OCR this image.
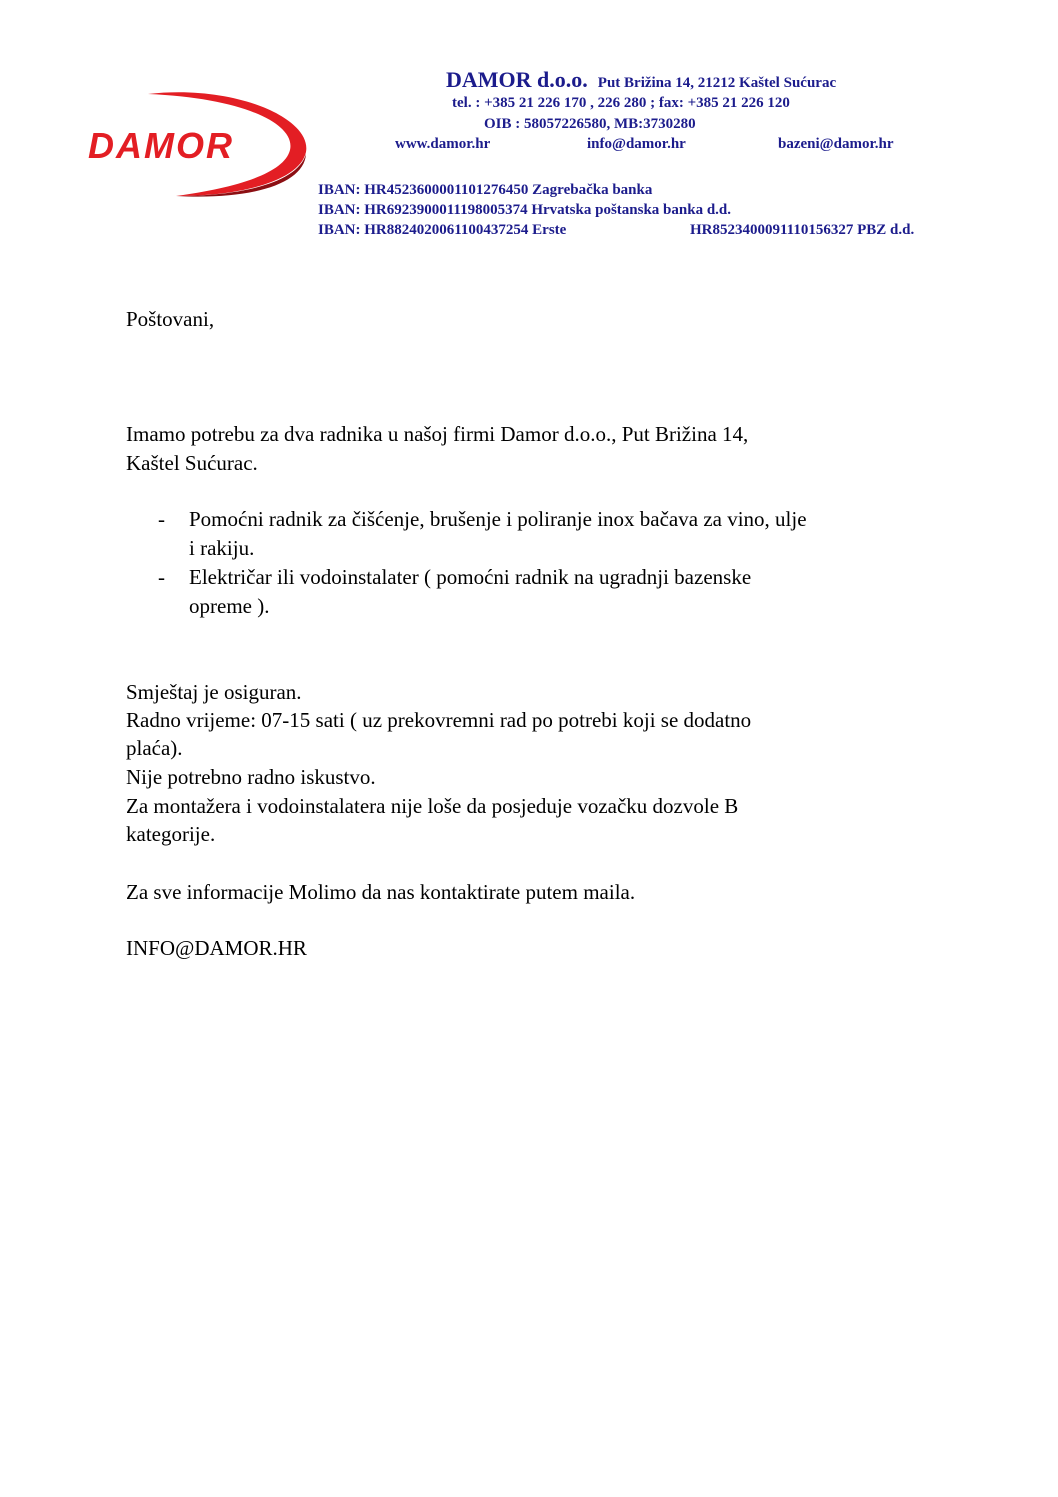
DAMOR
DAMOR d.o.o. Put Brižina 14, 21212 Kaštel Sućurac
tel. : +385 21 226 170 , 226 280 ; fax: +385 21 226 120
OIB : 58057226580, MB:3730280
www.damor.hr	info@damor.hr	bazeni@damor.hr
IBAN: HR4523600001101276450 Zagrebačka banka
IBAN: HR6923900011198005374 Hrvatska poštanska banka d.d.
IBAN: HR8824020061100437254 Erste	HR8523400091110156327 PBZ d.d.
Poštovani,
Imamo potrebu za dva radnika u našoj firmi Damor d.o.o., Put Brižina 14,
Kaštel Sućurac.
- Pomoćni radnik za čišćenje, brušenje i poliranje inox bačava za vino, ulje
i rakiju.
- Električar ili vodoinstalater ( pomoćni radnik na ugradnji bazenske
opreme ).
Smještaj je osiguran.
Radno vrijeme: 07-15 sati ( uz prekovremni rad po potrebi koji se dodatno
plaća).
Nije potrebno radno iskustvo.
Za montažera i vodoinstalatera nije loše da posjeduje vozačku dozvole B
kategorije.
Za sve informacije Molimo da nas kontaktirate putem maila.
INFO@DAMOR.HR
